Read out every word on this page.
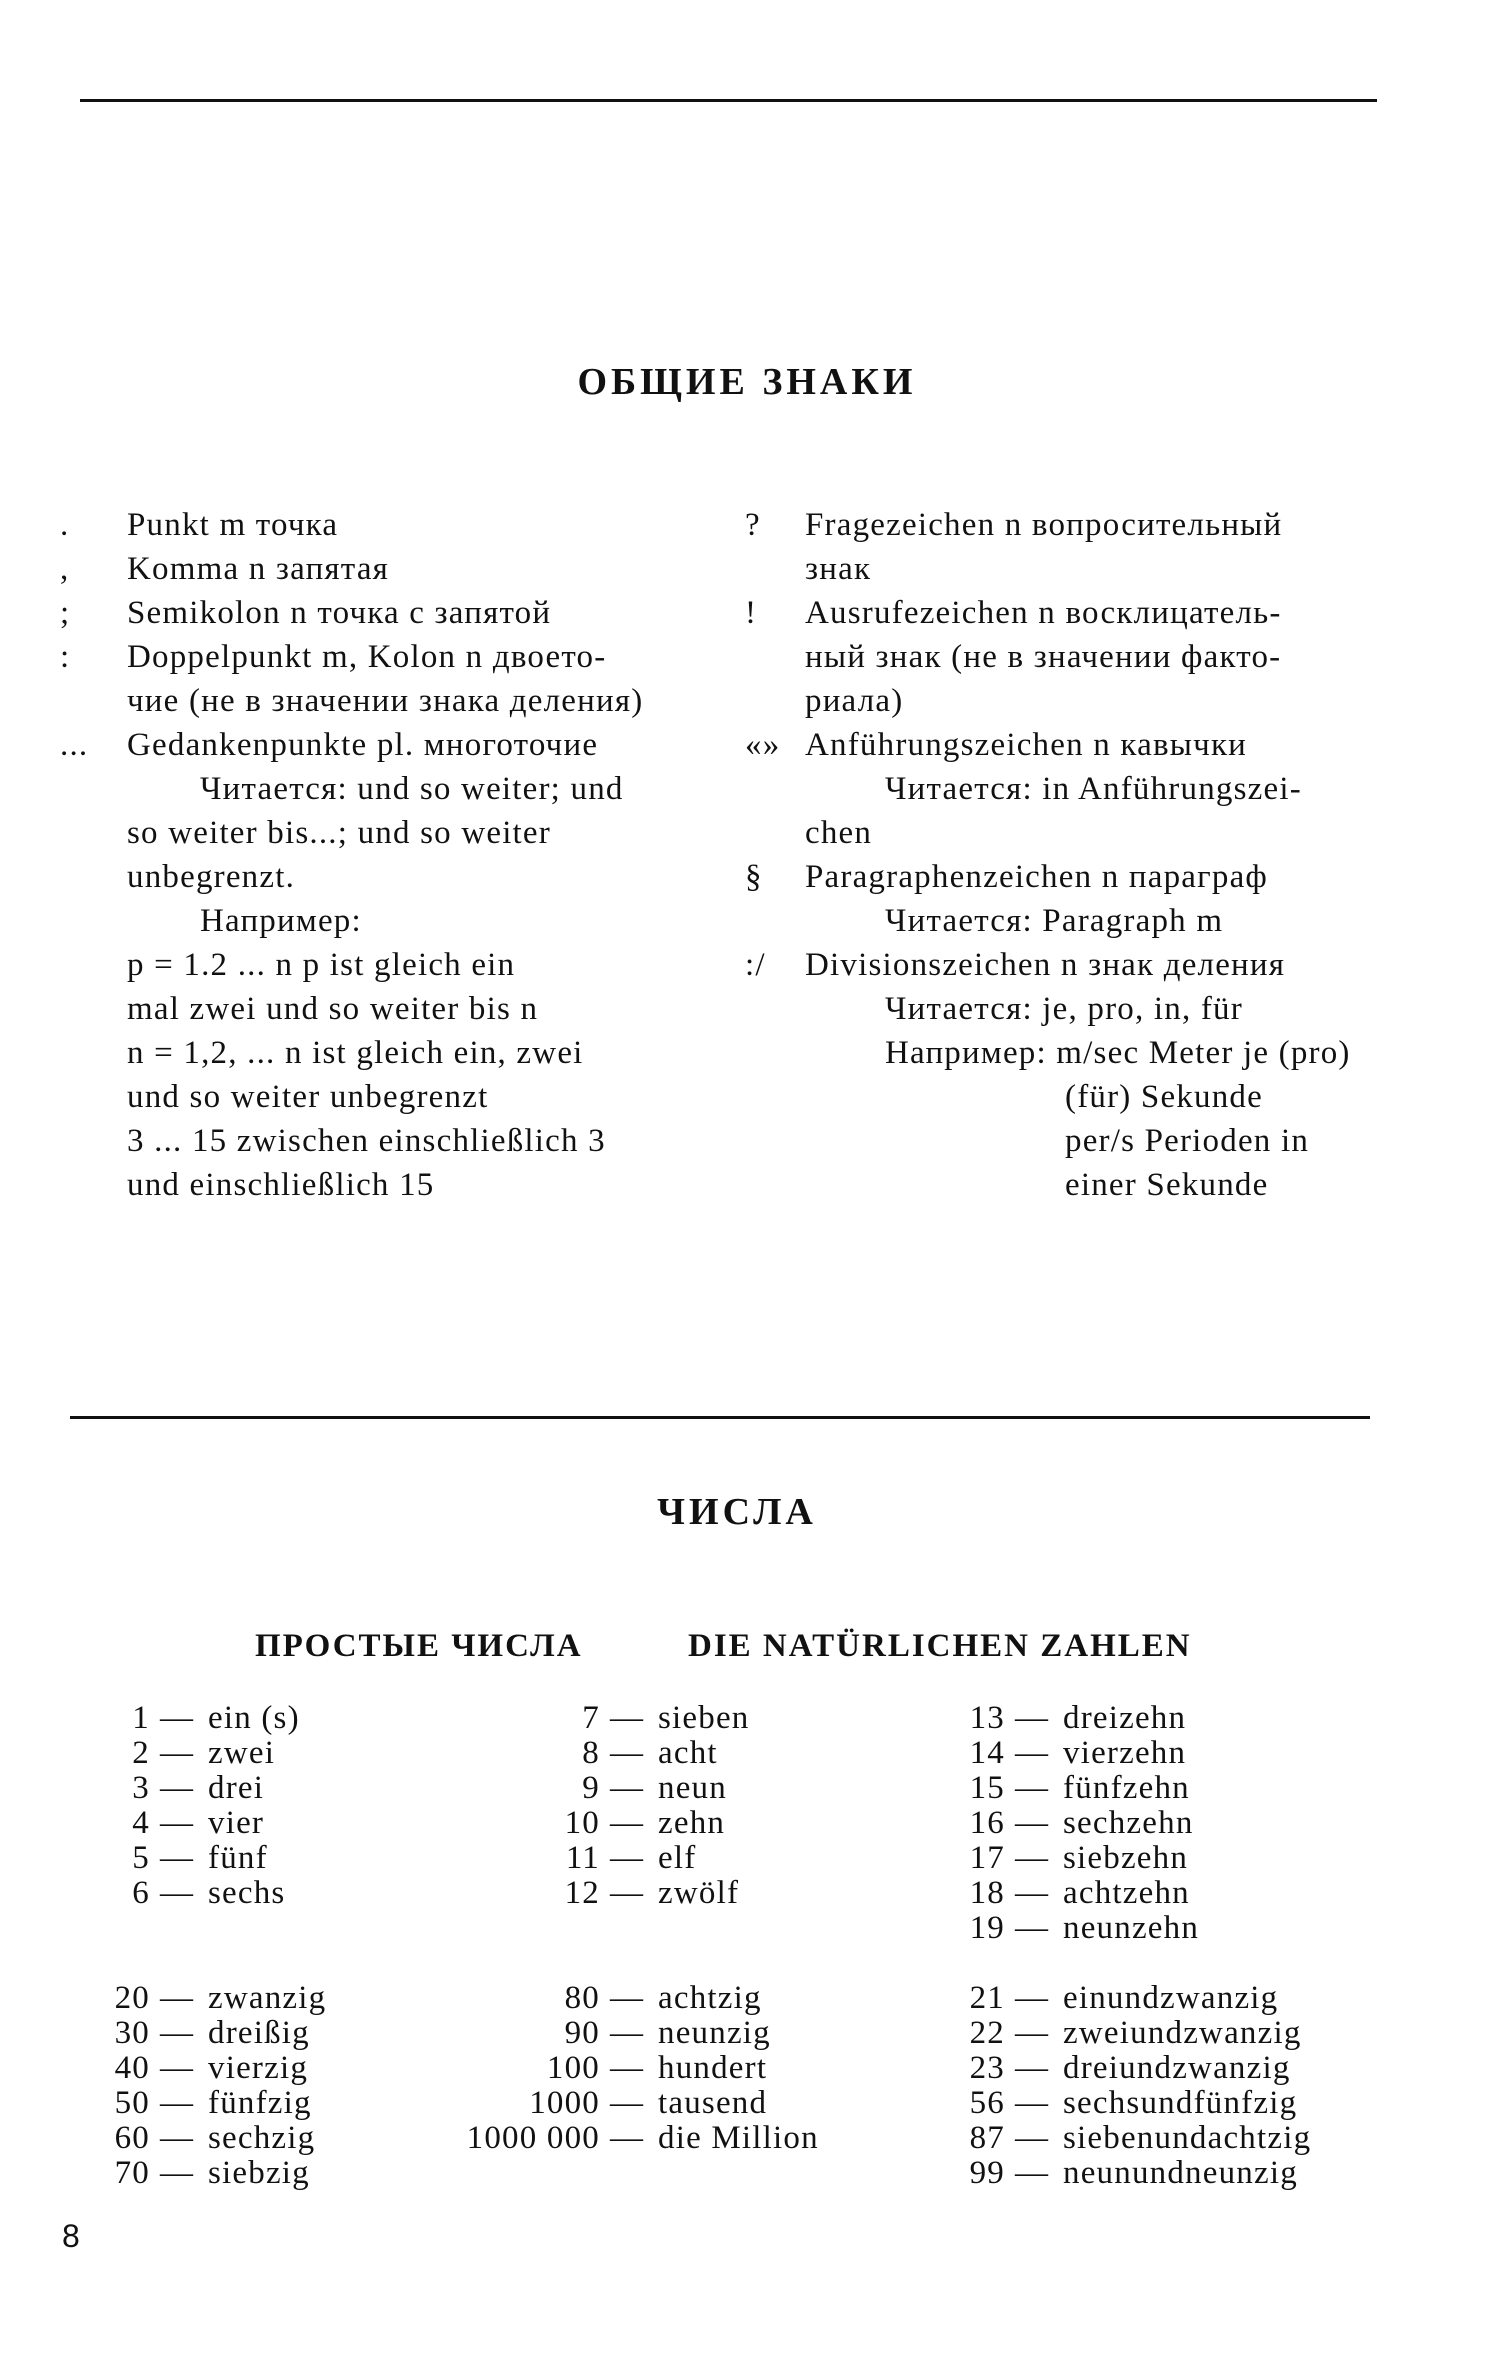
ОБЩИЕ ЗНАКИ
. Punkt m точка
, Komma n запятая
; Semikolon n точка с запятой
: Doppelpunkt m, Kolon n двоето-
чие (не в значении знака деления)
... Gedankenpunkte pl. многоточие
Читается: und so weiter; und
so weiter bis...; und so weiter
unbegrenzt.
Например:
p = 1.2 ... n p ist gleich ein
mal zwei und so weiter bis n
n = 1,2, ... n ist gleich ein, zwei
und so weiter unbegrenzt
3 ... 15 zwischen einschließlich 3
und einschließlich 15
? Fragezeichen n вопросительный
знак
! Ausrufezeichen n восклицатель-
ный знак (не в значении факто-
риала)
«» Anführungszeichen n кавычки
Читается: in Anführungszei-
chen
§ Paragraphenzeichen n параграф
Читается: Paragraph m
:/ Divisionszeichen n знак деления
Читается: je, pro, in, für
Например: m/sec Meter je (pro)
(für) Sekunde
per/s Perioden in
einer Sekunde
ЧИСЛА
ПРОСТЫЕ ЧИСЛА	DIE NATÜRLICHEN ZAHLEN
1 — ein (s)
2 — zwei
3 — drei
4 — vier
5 — fünf
6 — sechs
7 — sieben
8 — acht
9 — neun
10 — zehn
11 — elf
12 — zwölf
13 — dreizehn
14 — vierzehn
15 — fünfzehn
16 — sechzehn
17 — siebzehn
18 — achtzehn
19 — neunzehn
20 — zwanzig
30 — dreißig
40 — vierzig
50 — fünfzig
60 — sechzig
70 — siebzig
80 — achtzig
90 — neunzig
100 — hundert
1000 — tausend
1000 000 — die Million
21 — einundzwanzig
22 — zweiundzwanzig
23 — dreiundzwanzig
56 — sechsundfünfzig
87 — siebenundachtzig
99 — neunundneunzig
8
